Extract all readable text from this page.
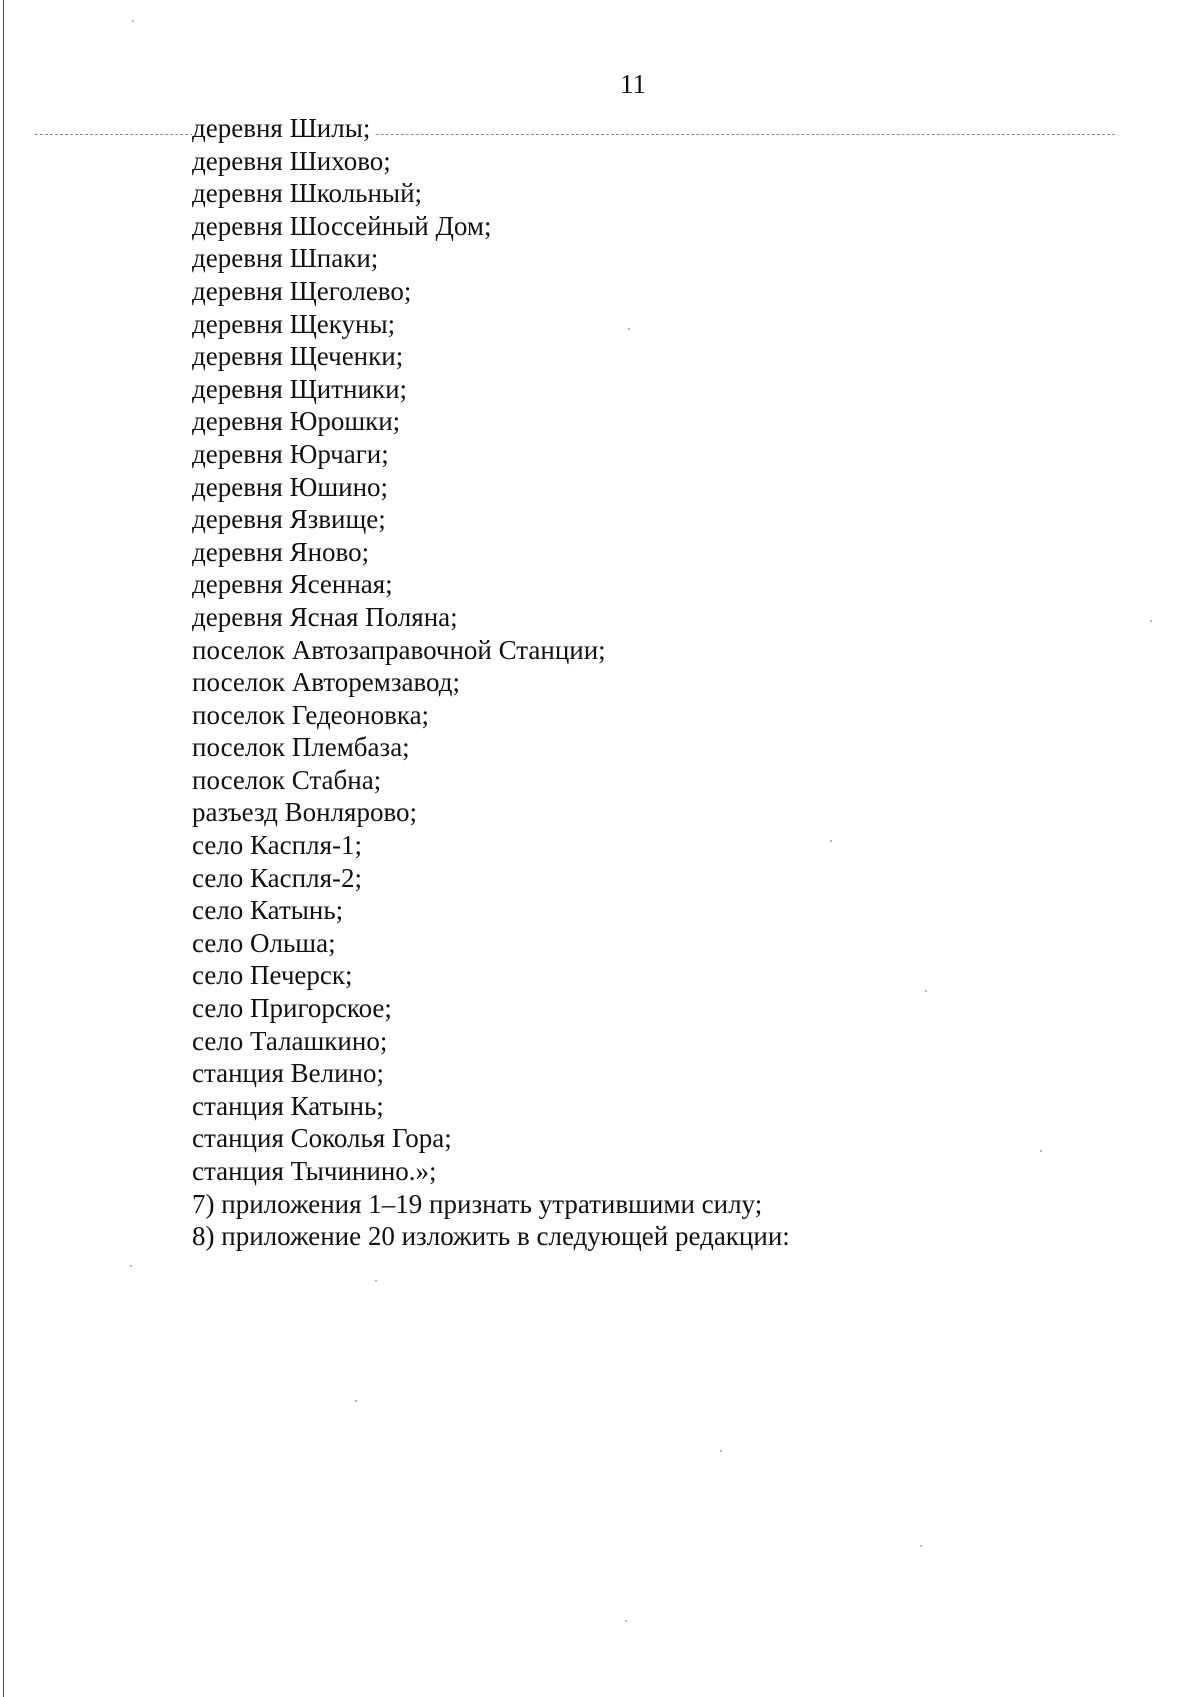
11
деревня Шилы;
деревня Шихово;
деревня Школьный;
деревня Шоссейный Дом;
деревня Шпаки;
деревня Щеголево;
деревня Щекуны;
деревня Щеченки;
деревня Щитники;
деревня Юрошки;
деревня Юрчаги;
деревня Юшино;
деревня Язвище;
деревня Яново;
деревня Ясенная;
деревня Ясная Поляна;
поселок Автозаправочной Станции;
поселок Авторемзавод;
поселок Гедеоновка;
поселок Плембаза;
поселок Стабна;
разъезд Вонлярово;
село Каспля-1;
село Каспля-2;
село Катынь;
село Ольша;
село Печерск;
село Пригорское;
село Талашкино;
станция Велино;
станция Катынь;
станция Соколья Гора;
станция Тычинино.»;
7) приложения 1–19 признать утратившими силу;
8) приложение 20 изложить в следующей редакции:
